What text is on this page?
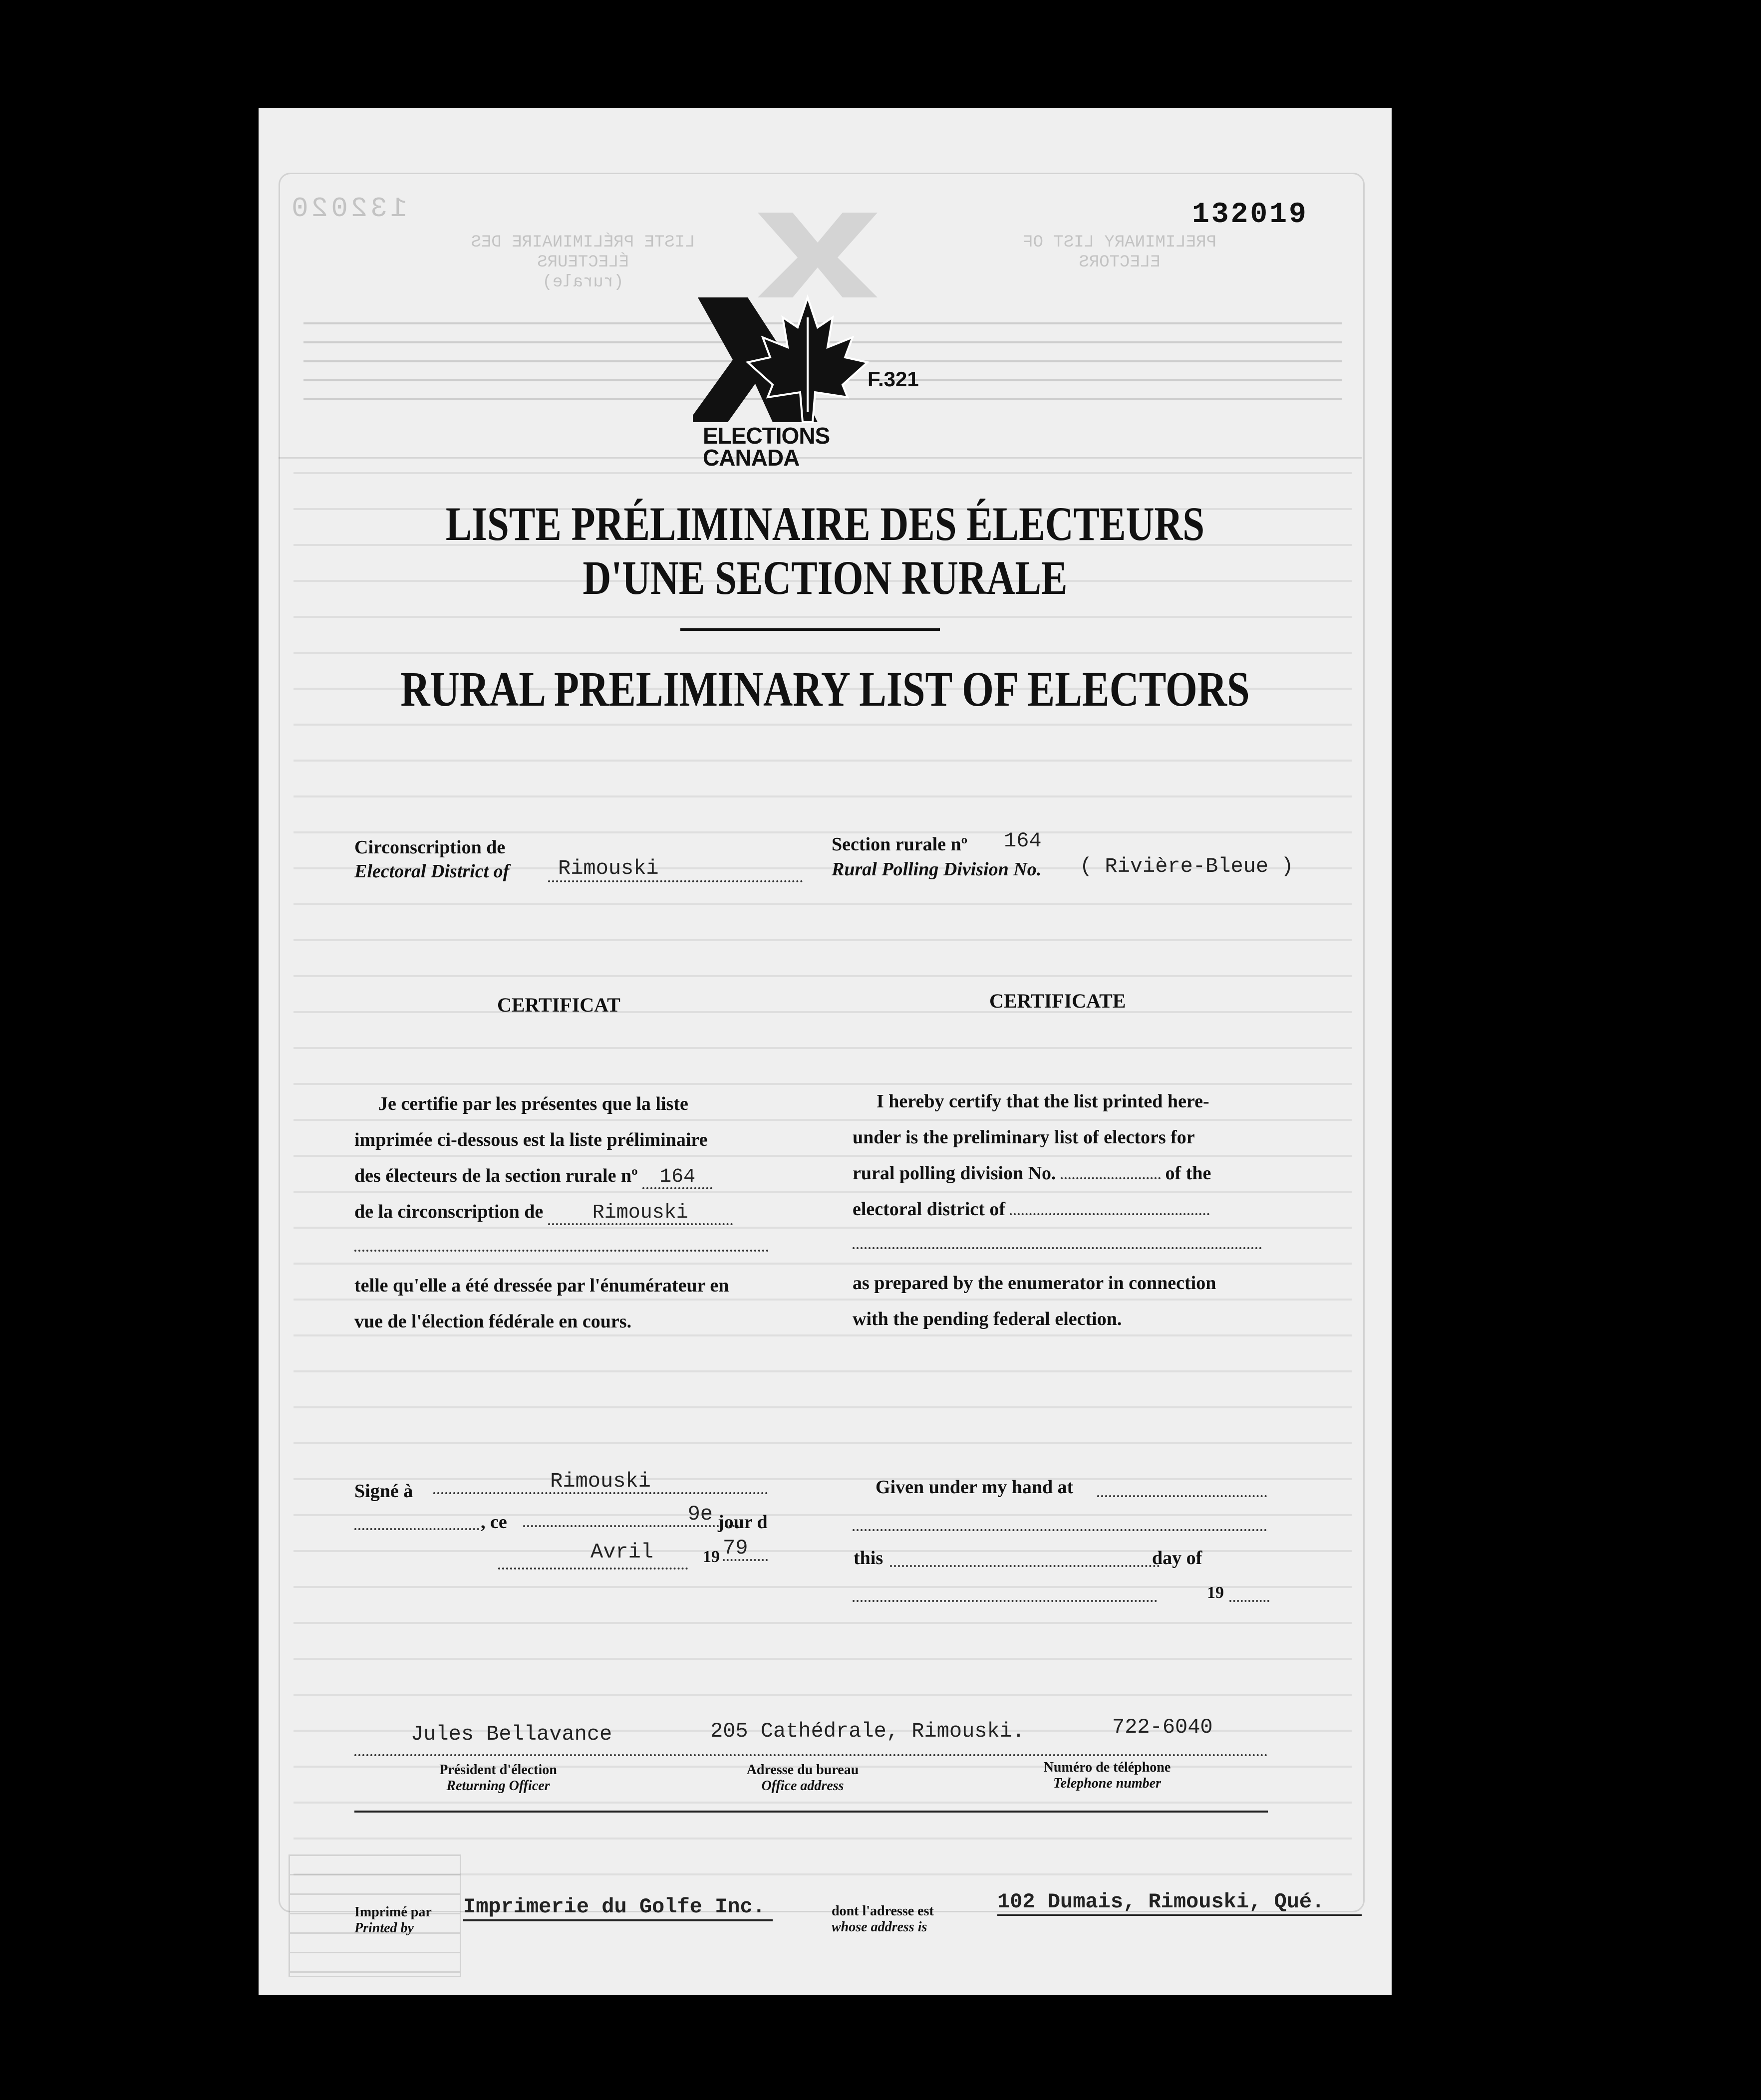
132020
LISTE PRÉLIMINAIRE DES
ÉLECTEURS
(rurale)
PRELIMINARY LIST OF
ELECTORS
132019
F.321
ELECTIONS
CANADA
LISTE PRÉLIMINAIRE DES ÉLECTEURS
D'UNE SECTION RURALE
RURAL PRELIMINARY LIST OF ELECTORS
Circonscription de
Electoral District of	Rimouski
Section rurale nº 164
Rural Polling Division No. ( Rivière-Bleue )
CERTIFICAT
Je certifie par les présentes que la liste
imprimée ci-dessous est la liste préliminaire
des électeurs de la section rurale nº 164
de la circonscription de Rimouski
telle qu'elle a été dressée par l'énumérateur en
vue de l'élection fédérale en cours.
Signé à	Rimouski
, ce	9e jour d
Avril	19 79
CERTIFICATE
I hereby certify that the list printed here-
under is the preliminary list of electors for
rural polling division No.	of the
electoral district of
as prepared by the enumerator in connection
with the pending federal election.
Given under my hand at
this	day of
19
Jules Bellavance	205 Cathédrale, Rimouski.	722-6040
Président d'élection
Returning Officer
Adresse du bureau
Office address
Numéro de téléphone
Telephone number
Imprimé par
Printed by
Imprimerie du Golfe Inc.	dont l'adresse est
whose address is
102 Dumais, Rimouski, Qué.
